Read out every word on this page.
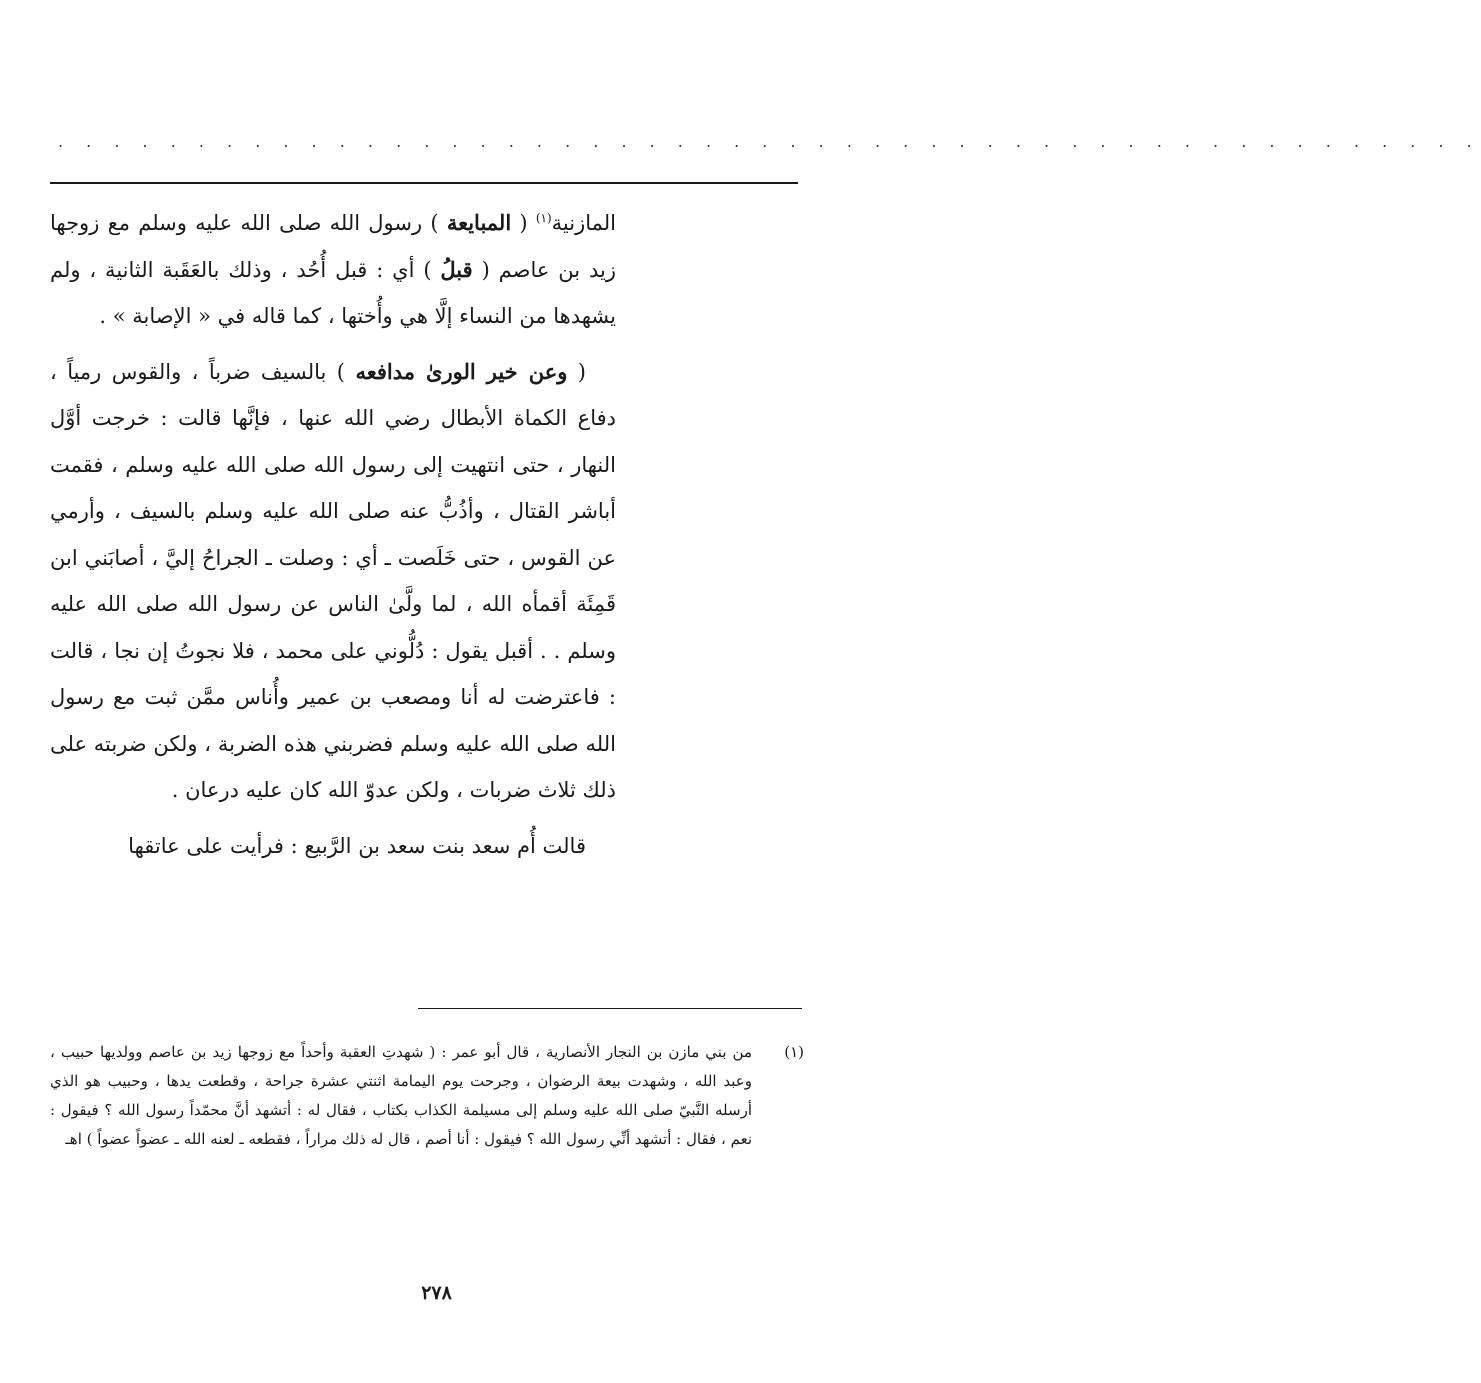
. . . . . . . . . . . . . . . . . . . . . . . . . . . . . . . . . . . . . . . . . . . . . . . . . . .

المازنية$^{(١)}$ ( المبايعة ) رسول الله صلى الله عليه وسلم مع زوجها زيد بن عاصم ( قبلُ ) أي : قبل أُحُد ، وذلك بالعَقَبة الثانية ، ولم يشهدها من النساء إلَّا هي وأُختها ، كما قاله في « الإصابة » .

( وعن خير الورىٰ مدافعه ) بالسيف ضرباً ، والقوس رمياً ، دفاع الكماة الأبطال رضي الله عنها ، فإنَّها قالت : خرجت أوَّل النهار ، حتى انتهيت إلى رسول الله صلى الله عليه وسلم ، فقمت أباشر القتال ، وأذُبُّ عنه صلى الله عليه وسلم بالسيف ، وأرمي عن القوس ، حتى خَلَصت ـ أي : وصلت ـ الجراحُ إليَّ ، أصابَني ابن قَمِئَة أقمأه الله ، لما ولَّىٰ الناس عن رسول الله صلى الله عليه وسلم . . أقبل يقول : دُلُّوني على محمد ، فلا نجوتُ إن نجا ، قالت : فاعترضت له أنا ومصعب بن عمير وأُناس ممَّن ثبت مع رسول الله صلى الله عليه وسلم فضربني هذه الضربة ، ولكن ضربته على ذلك ثلاث ضربات ، ولكن عدوّ الله كان عليه درعان .

قالت أُم سعد بنت سعد بن الرَّبيع : فرأيت على عاتقها

(١)
من بني مازن بن النجار الأنصارية ، قال أبو عمر : ( شهدتِ العقبة وأحداً مع زوجها زيد بن عاصم وولديها حبيب ، وعبد الله ، وشهدت بيعة الرضوان ، وجرحت يوم اليمامة اثنتي عشرة جراحة ، وقطعت يدها ، وحبيب هو الذي أرسله النَّبيّ صلى الله عليه وسلم إلى مسيلمة الكذاب بكتاب ، فقال له : أتشهد أنَّ محمّداً رسول الله ؟ فيقول : نعم ، فقال : أتشهد أنِّي رسول الله ؟ فيقول : أنا أصم ، قال له ذلك مراراً ، فقطعه ـ لعنه الله ـ عضواً عضواً ) اهـ
٢٧٨
